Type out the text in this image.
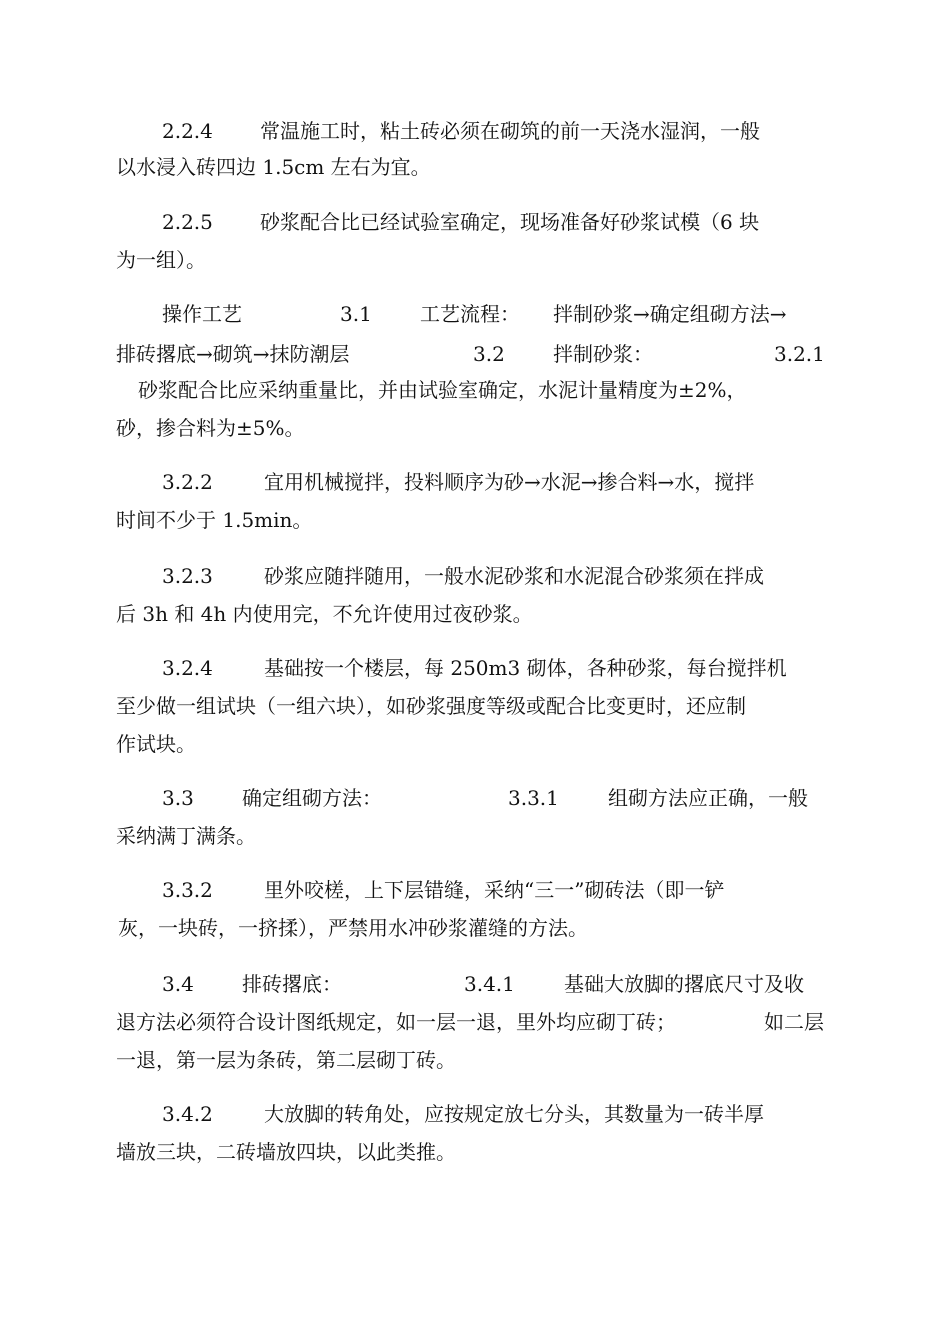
2.2.4

常温施工时，粘土砖必须在砌筑的前一天浇水湿润，一般

以水浸入砖四边 1.5cm 左右为宜。

2.2.5

砂浆配合比已经试验室确定，现场准备好砂浆试模（6 块

为一组）。

操作工艺

	3.1

工艺流程：

拌制砂浆→确定组砌方法→

排砖撂底→砌筑→抹防潮层

	3.2

拌制砂浆：

	3.2.1

砂浆配合比应采纳重量比，并由试验室确定，水泥计量精度为±2%，

砂，掺合料为±5%。

3.2.2

	宜用机械搅拌，投料顺序为砂→水泥→掺合料→水，搅拌

时间不少于 1.5min。

3.2.3

	砂浆应随拌随用，一般水泥砂浆和水泥混合砂浆须在拌成

后 3h 和 4h 内使用完，不允许使用过夜砂浆。

3.2.4

	基础按一个楼层，每 250m3 砌体，各种砂浆，每台搅拌机

至少做一组试块（一组六块），如砂浆强度等级或配合比变更时，还应制

作试块。

3.3

确定组砌方法：

	3.3.1

组砌方法应正确，一般

采纳满丁满条。

3.3.2

	里外咬槎，上下层错缝，采纳“三一”砌砖法（即一铲

灰，一块砖，一挤揉），严禁用水冲砂浆灌缝的方法。

3.4

排砖撂底：

	3.4.1

基础大放脚的撂底尺寸及收

退方法必须符合设计图纸规定，如一层一退，里外均应砌丁砖；

	如二层

一退，第一层为条砖，第二层砌丁砖。

3.4.2

	大放脚的转角处，应按规定放七分头，其数量为一砖半厚

墙放三块，二砖墙放四块，以此类推。
